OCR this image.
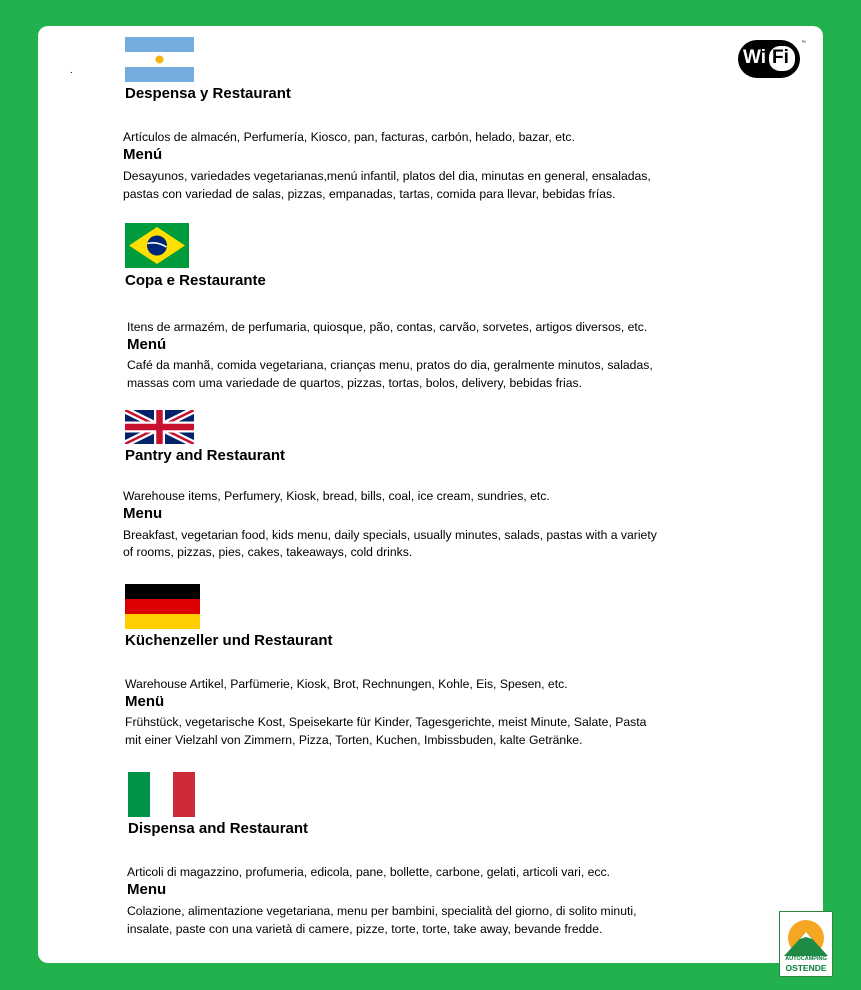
.
Wi Fi
™
Despensa y Restaurant
Artículos de almacén, Perfumería, Kiosco, pan, facturas, carbón, helado, bazar, etc.
Menú
Desayunos, variedades vegetarianas,menú infantil, platos del dia, minutas en general, ensaladas,
pastas con variedad de salas, pizzas, empanadas, tartas, comida para llevar, bebidas frías.
Copa e Restaurante
Itens de armazém, de perfumaria, quiosque, pão, contas, carvão, sorvetes, artigos diversos, etc.
Menú
Café da manhã, comida vegetariana, crianças menu, pratos do dia, geralmente minutos, saladas,
massas com uma variedade de quartos, pizzas, tortas, bolos, delivery, bebidas frias.
Pantry and Restaurant
Warehouse items, Perfumery, Kiosk, bread, bills, coal, ice cream, sundries, etc.
Menu
Breakfast, vegetarian food, kids menu, daily specials, usually minutes, salads, pastas with a variety
of rooms, pizzas, pies, cakes, takeaways, cold drinks.
Küchenzeller und Restaurant
Warehouse Artikel, Parfümerie, Kiosk, Brot, Rechnungen, Kohle, Eis, Spesen, etc.
Menü
Frühstück, vegetarische Kost, Speisekarte für Kinder, Tagesgerichte, meist Minute, Salate, Pasta
mit einer Vielzahl von Zimmern, Pizza, Torten, Kuchen, Imbissbuden, kalte Getränke.
Dispensa and Restaurant
Articoli di magazzino, profumeria, edicola, pane, bollette, carbone, gelati, articoli vari, ecc.
Menu
Colazione, alimentazione vegetariana, menu per bambini, specialità del giorno, di solito minuti,
insalate, paste con una varietà di camere, pizze, torte, torte, take away, bevande fredde.
AUTOCAMPING
OSTENDE
